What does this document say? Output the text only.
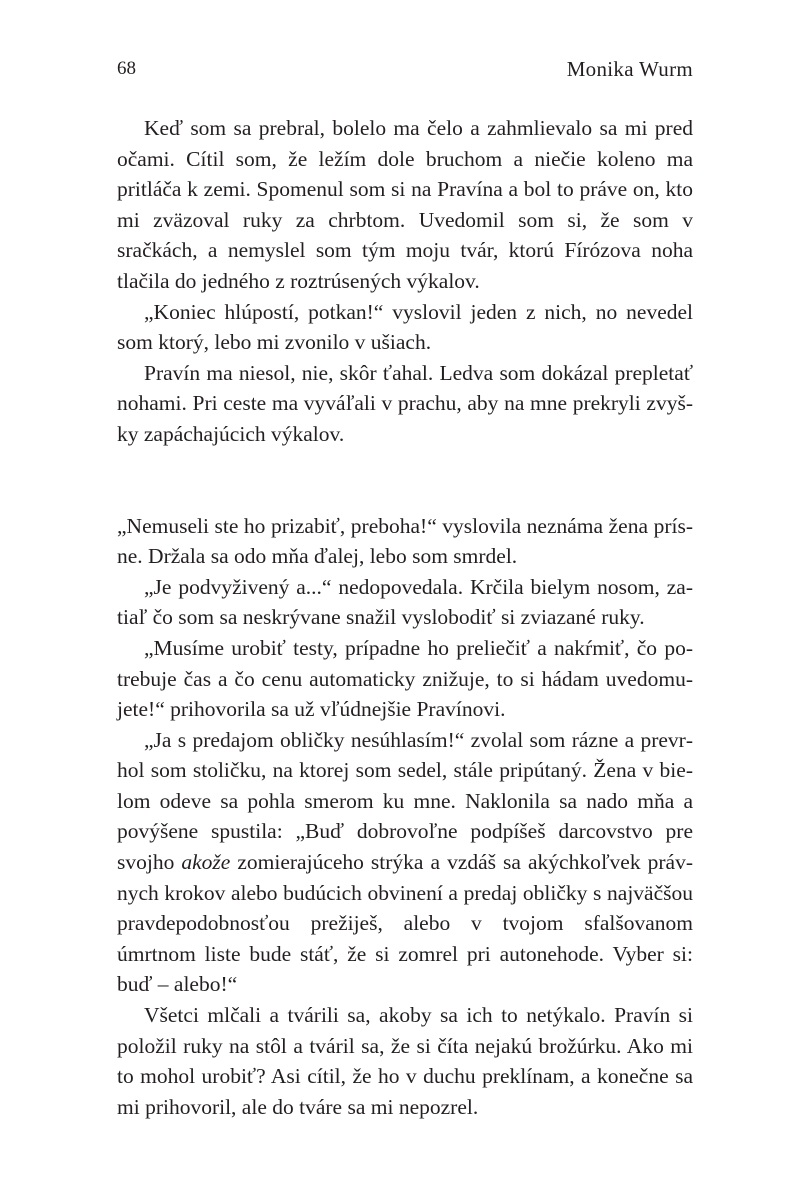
68	Monika Wurm

Keď som sa prebral, bolelo ma čelo a zahmlievalo sa mi pred očami. Cítil som, že ležím dole bruchom a niečie koleno ma pritláča k zemi. Spomenul som si na Pravína a bol to práve on, kto mi zväzoval ruky za chrbtom. Uvedomil som si, že som v sračkách, a nemyslel som tým moju tvár, ktorú Fírózova noha tlačila do jedného z roztrúsených výkalov.

„Koniec hlúpostí, potkan!“ vyslovil jeden z nich, no nevedel som ktorý, lebo mi zvonilo v ušiach.

Pravín ma niesol, nie, skôr ťahal. Ledva som dokázal prepletať nohami. Pri ceste ma vyváľali v prachu, aby na mne prekryli zvyšky zapáchajúcich výkalov.

„Nemuseli ste ho prizabiť, preboha!“ vyslovila neznáma žena prísne. Držala sa odo mňa ďalej, lebo som smrdel.

„Je podvyživený a...“ nedopovedala. Krčila bielym nosom, zatiaľ čo som sa neskrývane snažil vyslobodiť si zviazané ruky.

„Musíme urobiť testy, prípadne ho preliečiť a nakŕmiť, čo potrebuje čas a čo cenu automaticky znižuje, to si hádam uvedomujete!“ prihovorila sa už vľúdnejšie Pravínovi.

„Ja s predajom obličky nesúhlasím!“ zvolal som rázne a prevrhol som stoličku, na ktorej som sedel, stále pripútaný. Žena v bielom odeve sa pohla smerom ku mne. Naklonila sa nado mňa a povýšene spustila: „Buď dobrovoľne podpíšeš darcovstvo pre svojho akože zomierajúceho strýka a vzdáš sa akýchkoľvek právnych krokov alebo budúcich obvinení a predaj obličky s najväčšou pravdepodobnosťou prežiješ, alebo v tvojom sfalšovanom úmrtnom liste bude stáť, že si zomrel pri autonehode. Vyber si: buď – alebo!“

Všetci mlčali a tvárili sa, akoby sa ich to netýkalo. Pravín si položil ruky na stôl a tváril sa, že si číta nejakú brožúrku. Ako mi to mohol urobiť? Asi cítil, že ho v duchu preklínam, a konečne sa mi prihovoril, ale do tváre sa mi nepozrel.
